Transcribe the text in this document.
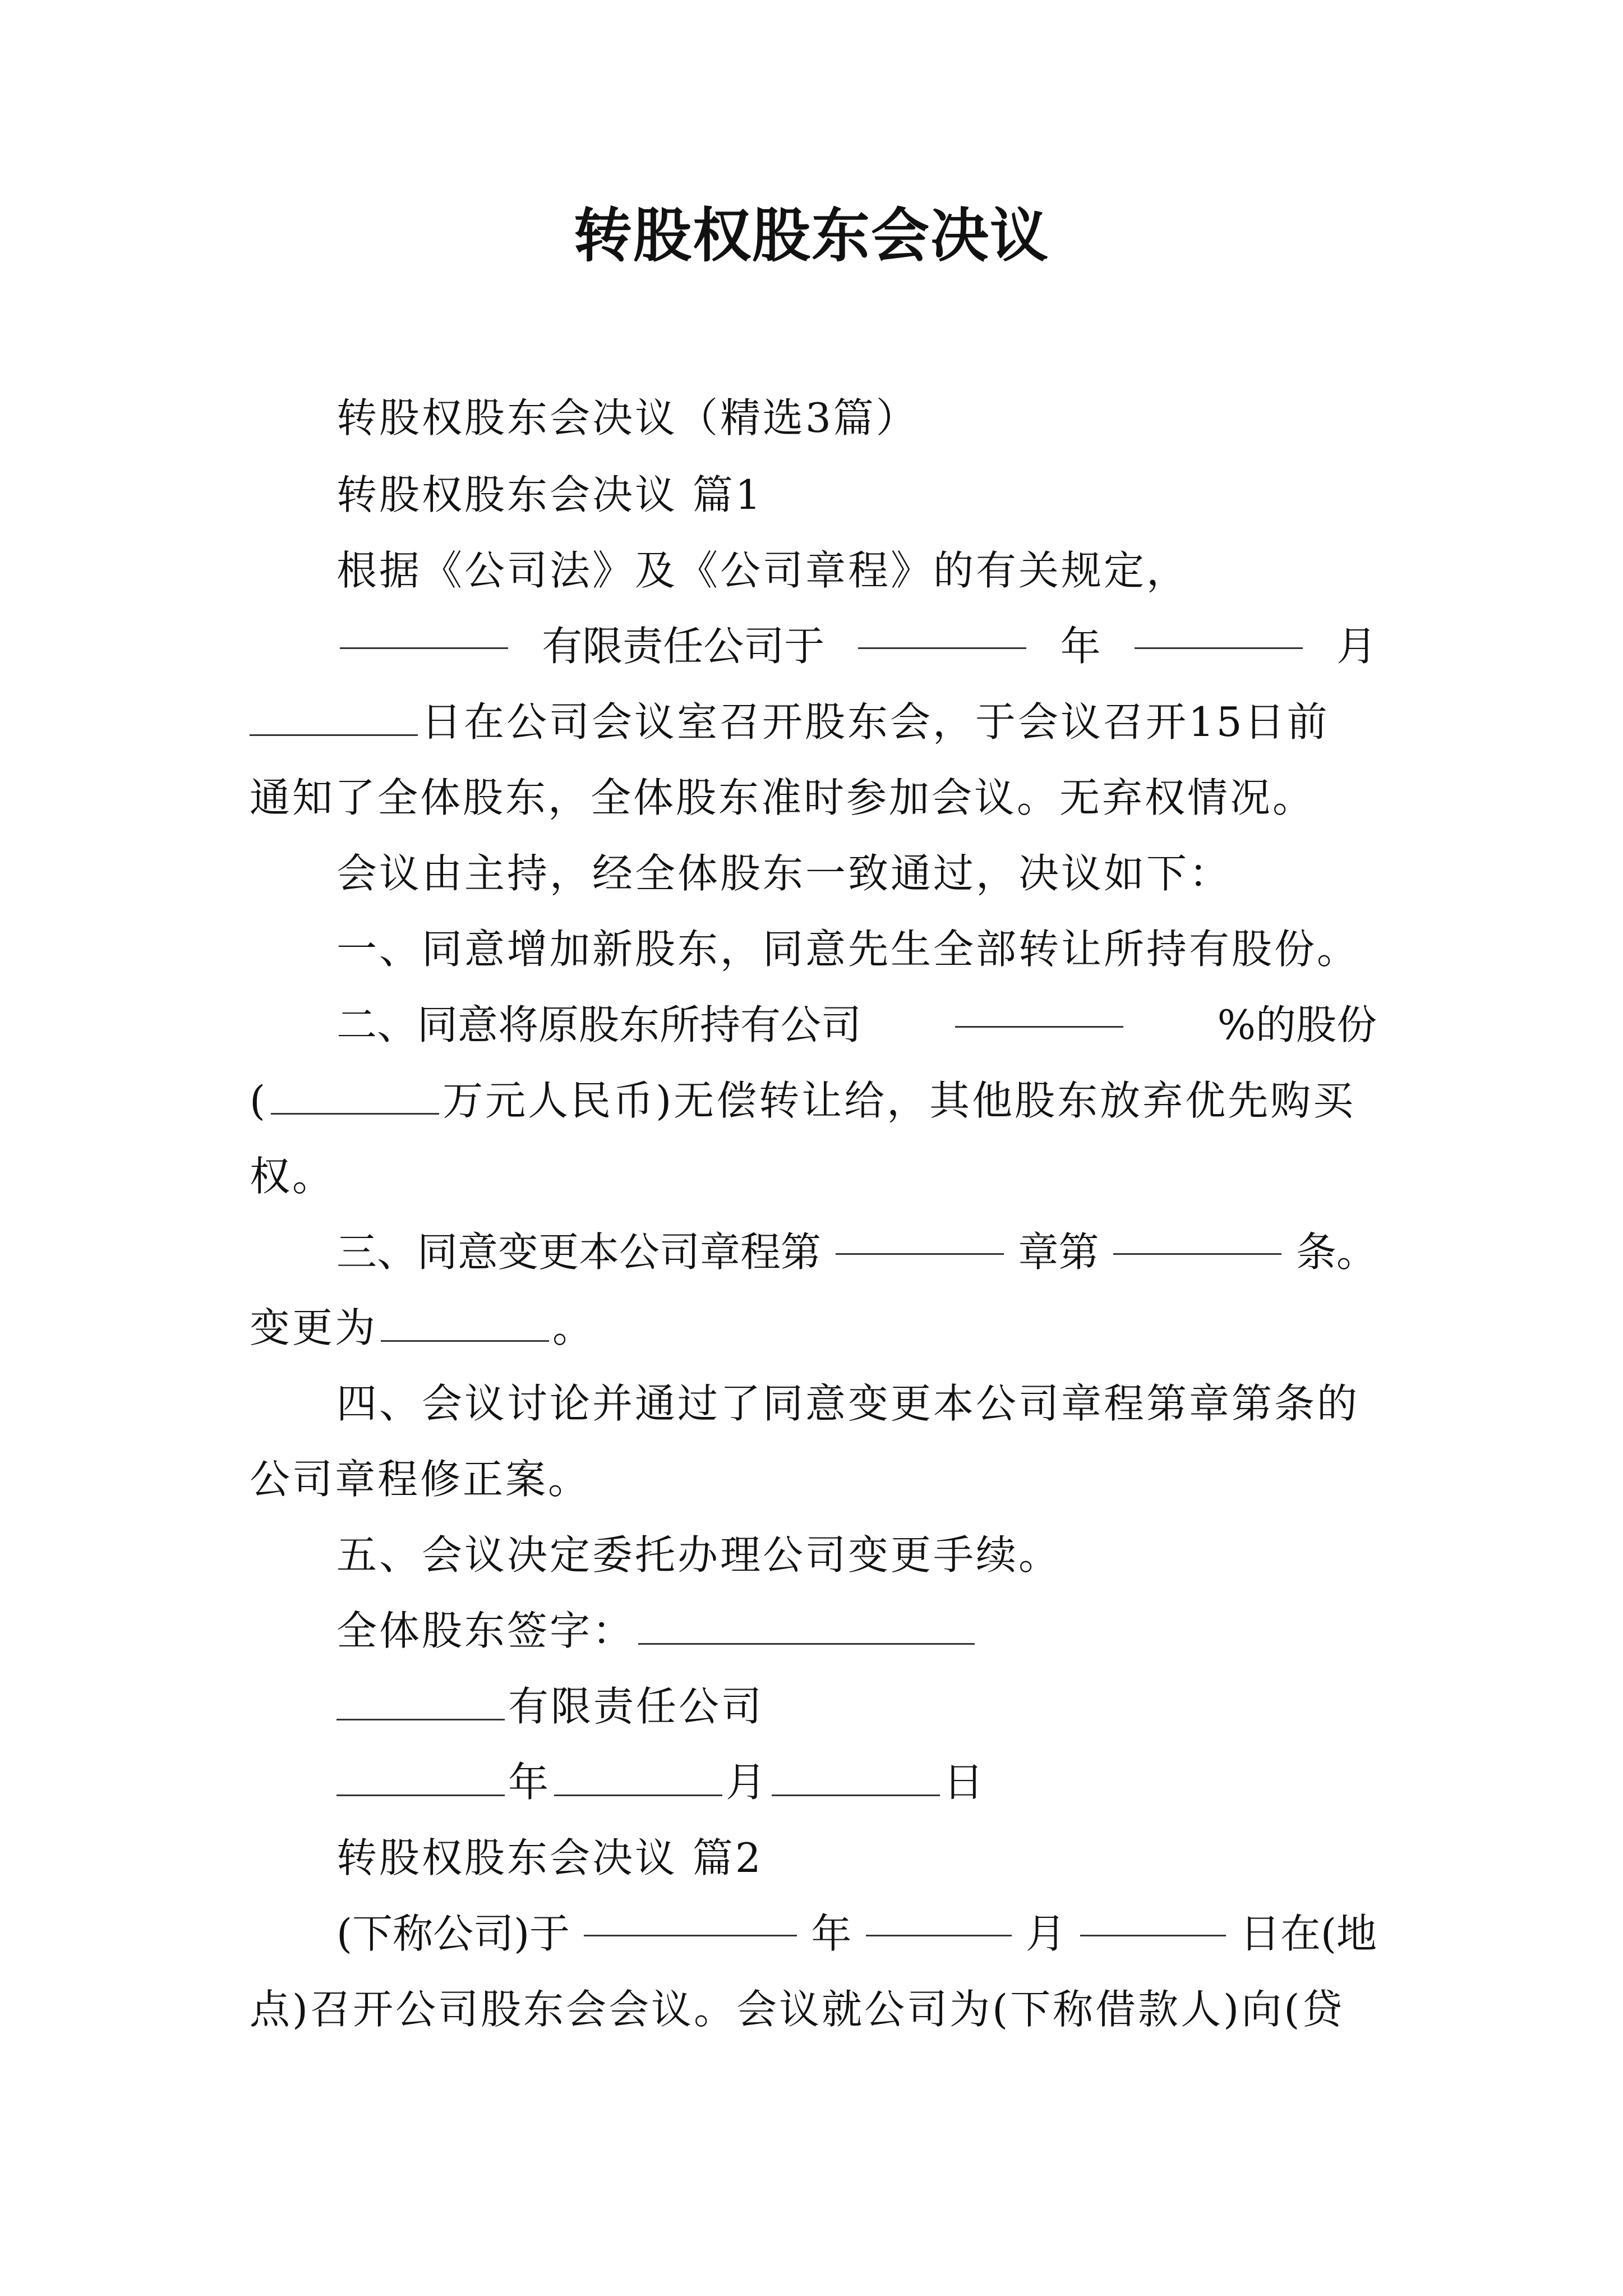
转股权股东会决议
转股权股东会决议（精选3篇）
转股权股东会决议 篇1
根据《公司法》及《公司章程》的有关规定，
有限责任公司于	年	月
日在公司会议室召开股东会，于会议召开15日前
通知了全体股东，全体股东准时参加会议。无弃权情况。
会议由主持，经全体股东一致通过，决议如下：
一、同意增加新股东，同意先生全部转让所持有股份。
二、同意将原股东所持有公司	%的股份
(	万元人民币)无偿转让给，其他股东放弃优先购买
权。
三、同意变更本公司章程第	章第	条。
变更为	。
四、会议讨论并通过了同意变更本公司章程第章第条的
公司章程修正案。
五、会议决定委托办理公司变更手续。
全体股东签字：
有限责任公司
年	月	日
转股权股东会决议 篇2
(下称公司)于	年	月	日在(地
点)召开公司股东会会议。会议就公司为(下称借款人)向(贷
